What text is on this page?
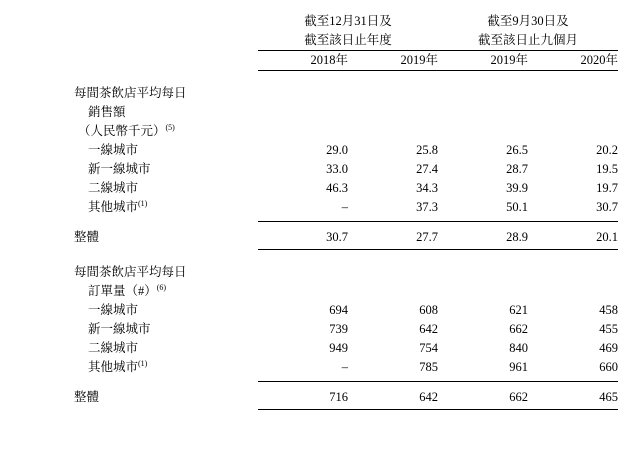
	截至12月31日及		截至9月30日及	
	截至該日止年度		截至該日止九個月	

	2018年	2019年	2019年	2020年

每間茶飲店平均每日				
銷售額				
（人民幣千元）$^{(5)}$	
一線城市	29.0	25.8	26.5	20.2
新一線城市	33.0	27.4	28.7	19.5
二線城市	46.3	34.3	39.9	19.7
其他城市$^{(1)}$	–	37.3	50.1	30.7

整體	30.7	27.7	28.9	20.1

每間茶飲店平均每日				
訂單量（#）$^{(6)}$	
一線城市	694	608	621	458
新一線城市	739	642	662	455
二線城市	949	754	840	469
其他城市$^{(1)}$	–	785	961	660

整體	716	642	662	465
